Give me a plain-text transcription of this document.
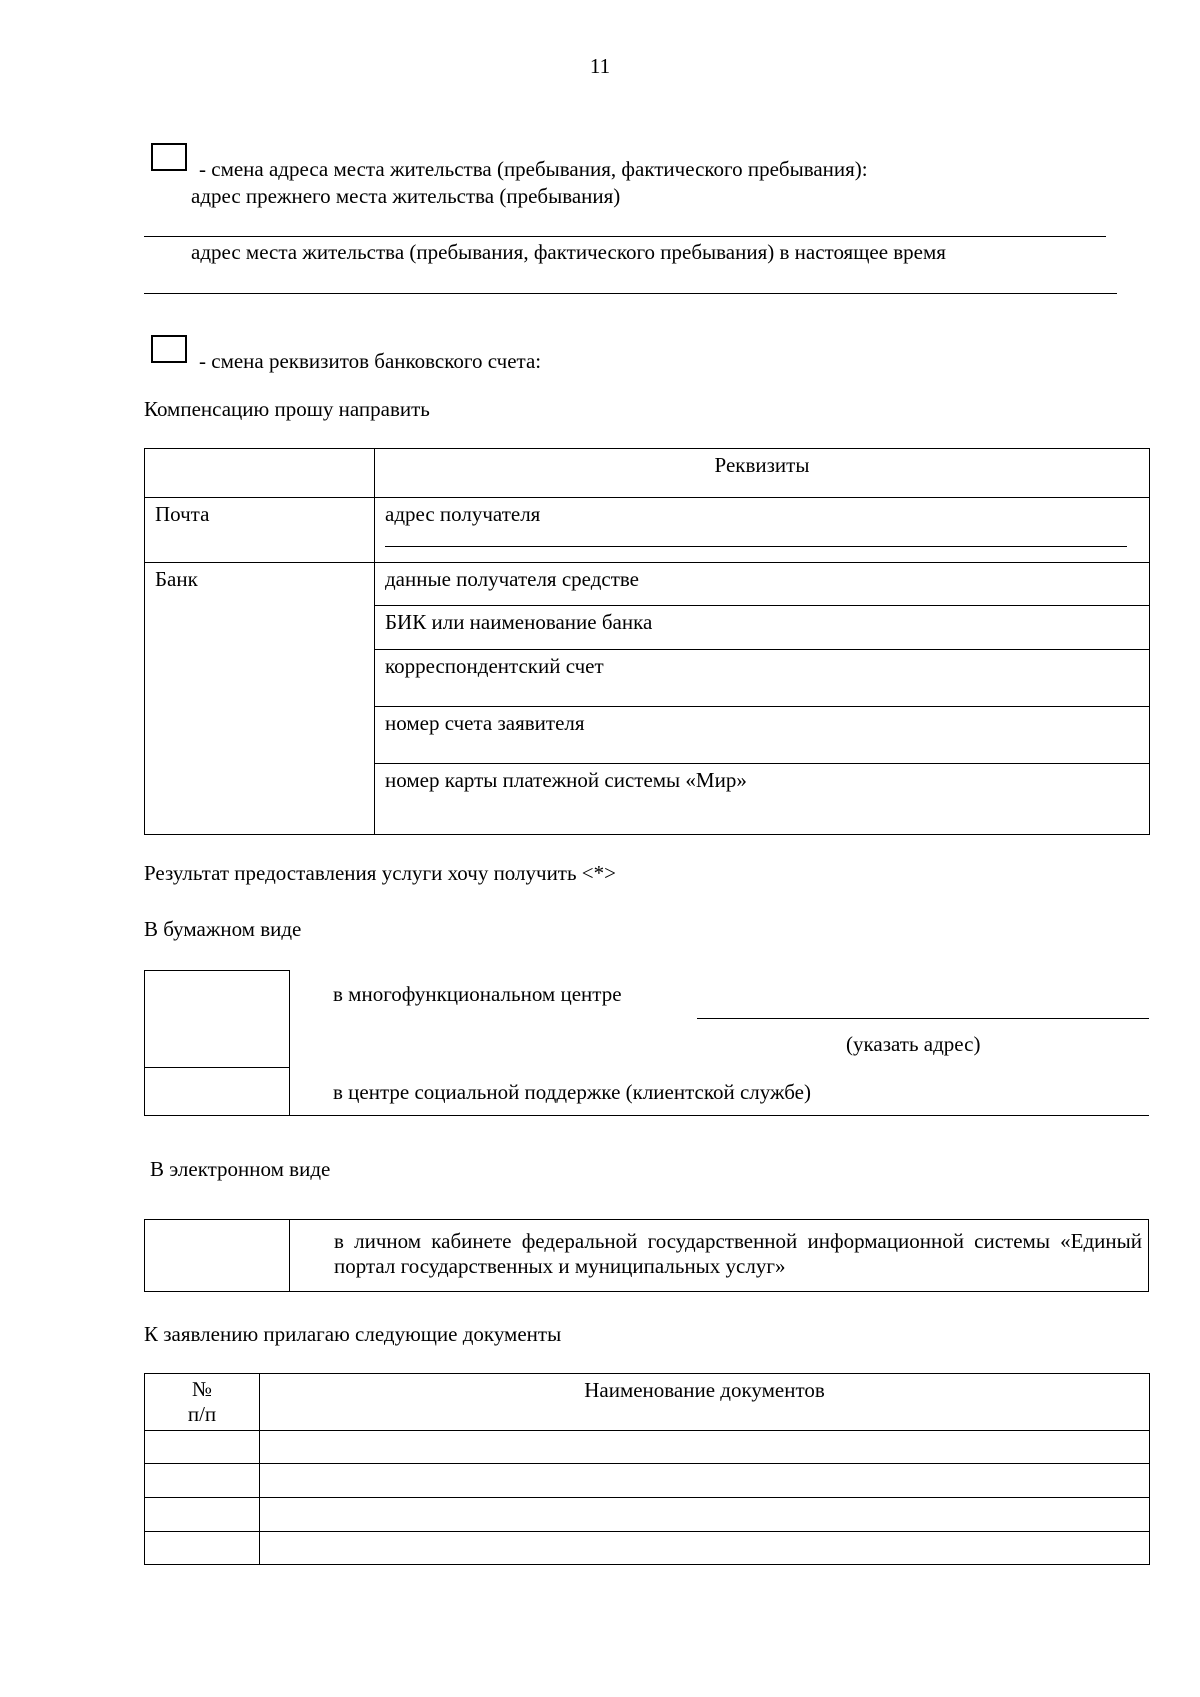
11
- смена адреса места жительства (пребывания, фактического пребывания):
адрес прежнего места жительства (пребывания)
адрес места жительства (пребывания, фактического пребывания) в настоящее время
- смена реквизитов банковского счета:
Компенсацию прошу направить

	Реквизиты

Почта	адрес получателя

Банк	данные получателя средстве

	БИК или наименование банка

	корреспондентский счет

	номер счета заявителя

	номер карты платежной системы «Мир»
Результат предоставления услуги хочу получить <*>
В бумажном виде
в многофункциональном центре
(указать адрес)
в центре социальной поддержке (клиентской службе)
В электронном виде
в личном кабинете федеральной государственной информационной системы «Единый портал государственных и муниципальных услуг»
К заявлению прилагаю следующие документы
№
п/п	Наименование документов
